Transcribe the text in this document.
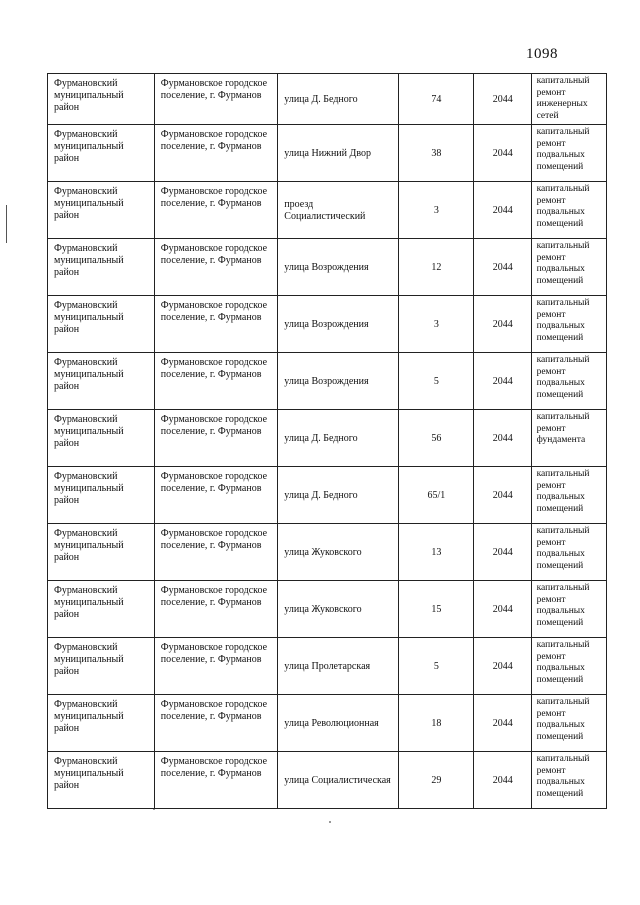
1098
Фурмановский муниципальный район	Фурмановское городское поселение, г. Фурманов	улица Д. Бедного	74	2044	капитальный ремонт инженерных сетей
Фурмановский муниципальный район	Фурмановское городское поселение, г. Фурманов	улица Нижний Двор	38	2044	капитальный ремонт подвальных помещений
Фурмановский муниципальный район	Фурмановское городское поселение, г. Фурманов	проезд Социалистический	3	2044	капитальный ремонт подвальных помещений
Фурмановский муниципальный район	Фурмановское городское поселение, г. Фурманов	улица Возрождения	12	2044	капитальный ремонт подвальных помещений
Фурмановский муниципальный район	Фурмановское городское поселение, г. Фурманов	улица Возрождения	3	2044	капитальный ремонт подвальных помещений
Фурмановский муниципальный район	Фурмановское городское поселение, г. Фурманов	улица Возрождения	5	2044	капитальный ремонт подвальных помещений
Фурмановский муниципальный район	Фурмановское городское поселение, г. Фурманов	улица Д. Бедного	56	2044	капитальный ремонт фундамента
Фурмановский муниципальный район	Фурмановское городское поселение, г. Фурманов	улица Д. Бедного	65/1	2044	капитальный ремонт подвальных помещений
Фурмановский муниципальный район	Фурмановское городское поселение, г. Фурманов	улица Жуковского	13	2044	капитальный ремонт подвальных помещений
Фурмановский муниципальный район	Фурмановское городское поселение, г. Фурманов	улица Жуковского	15	2044	капитальный ремонт подвальных помещений
Фурмановский муниципальный район	Фурмановское городское поселение, г. Фурманов	улица Пролетарская	5	2044	капитальный ремонт подвальных помещений
Фурмановский муниципальный район	Фурмановское городское поселение, г. Фурманов	улица Революционная	18	2044	капитальный ремонт подвальных помещений
Фурмановский муниципальный район	Фурмановское городское поселение, г. Фурманов	улица Социалистическая	29	2044	капитальный ремонт подвальных помещений
